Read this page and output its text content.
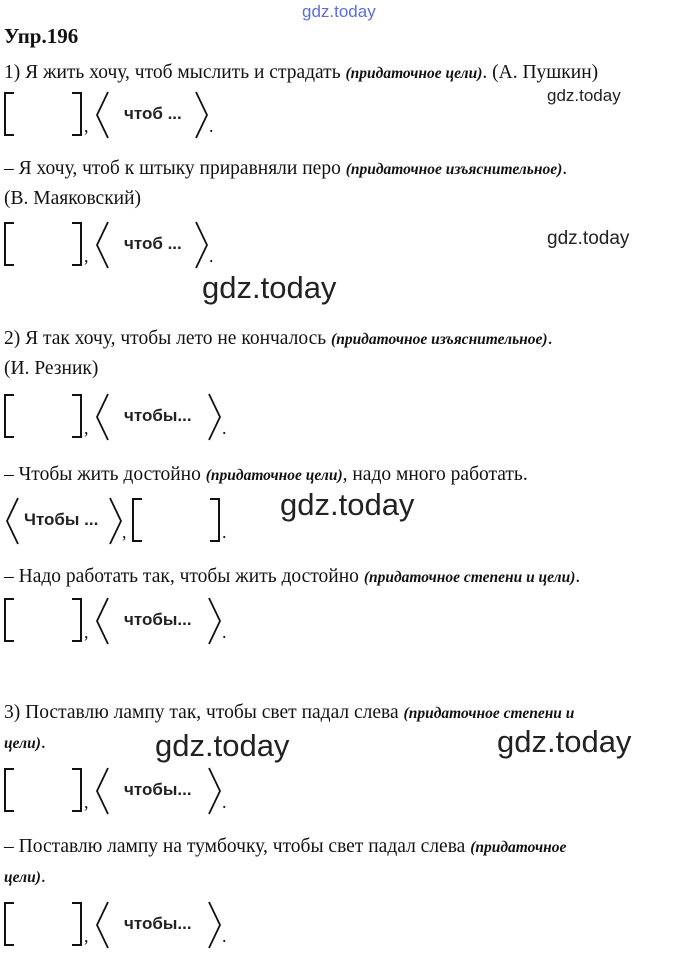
gdz.today
gdz.today
gdz.today
gdz.today
gdz.today
gdz.today	gdz.today
Упр.196
1) Я жить хочу, чтоб мыслить и страдать (придаточное цели). (А. Пушкин)
,
чтоб ...
.
– Я хочу, чтоб к штыку приравняли перо (придаточное изъяснительное).
(В. Маяковский)
,
чтоб ...
.
2) Я так хочу, чтобы лето не кончалось (придаточное изъяснительное).
(И. Резник)
,
чтобы...
.
– Чтобы жить достойно (придаточное цели), надо много работать.
Чтобы ...
,	.
– Надо работать так, чтобы жить достойно (придаточное степени и цели).
,
чтобы...
.
3) Поставлю лампу так, чтобы свет падал слева (придаточное степени и
цели).
,
чтобы...
.
– Поставлю лампу на тумбочку, чтобы свет падал слева (придаточное
цели).
,
чтобы...
.
